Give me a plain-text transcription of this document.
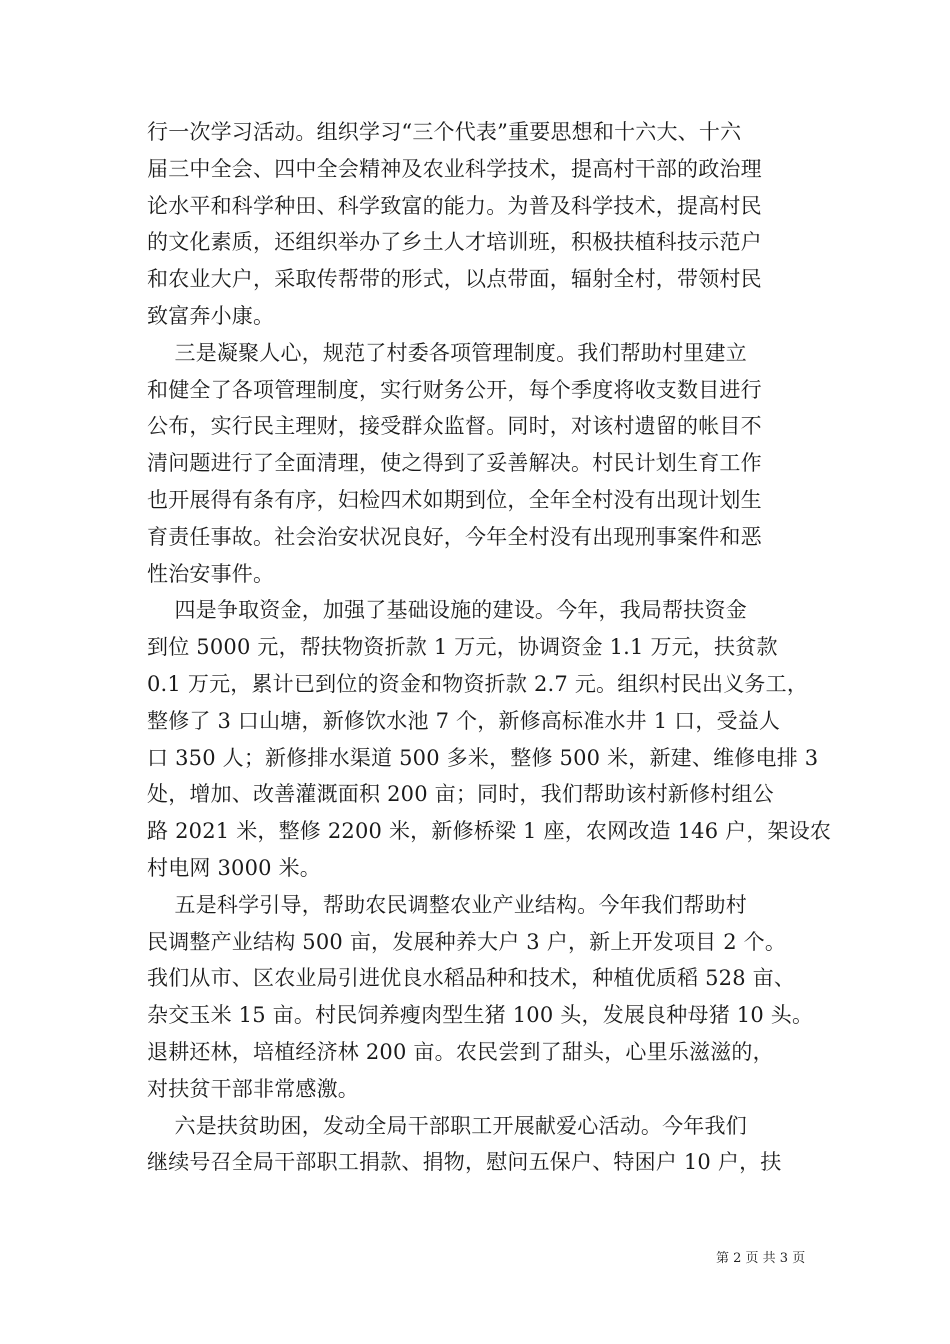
行一次学习活动。组织学习“三个代表”重要思想和十六大、十六
届三中全会、四中全会精神及农业科学技术，提高村干部的政治理
论水平和科学种田、科学致富的能力。为普及科学技术，提高村民
的文化素质，还组织举办了乡土人才培训班，积极扶植科技示范户
和农业大户，采取传帮带的形式，以点带面，辐射全村，带领村民
致富奔小康。
三是凝聚人心，规范了村委各项管理制度。我们帮助村里建立
和健全了各项管理制度，实行财务公开，每个季度将收支数目进行
公布，实行民主理财，接受群众监督。同时，对该村遗留的帐目不
清问题进行了全面清理，使之得到了妥善解决。村民计划生育工作
也开展得有条有序，妇检四术如期到位，全年全村没有出现计划生
育责任事故。社会治安状况良好，今年全村没有出现刑事案件和恶
性治安事件。
四是争取资金，加强了基础设施的建设。今年，我局帮扶资金
到位 5000 元，帮扶物资折款 1 万元，协调资金 1.1 万元，扶贫款
0.1 万元，累计已到位的资金和物资折款 2.7 元。组织村民出义务工，
整修了 3 口山塘，新修饮水池 7 个，新修高标准水井 1 口，受益人
口 350 人；新修排水渠道 500 多米，整修 500 米，新建、维修电排 3
处，增加、改善灌溉面积 200 亩；同时，我们帮助该村新修村组公
路 2021 米，整修 2200 米，新修桥梁 1 座，农网改造 146 户，架设农
村电网 3000 米。
五是科学引导，帮助农民调整农业产业结构。今年我们帮助村
民调整产业结构 500 亩，发展种养大户 3 户，新上开发项目 2 个。
我们从市、区农业局引进优良水稻品种和技术，种植优质稻 528 亩、
杂交玉米 15 亩。村民饲养瘦肉型生猪 100 头，发展良种母猪 10 头。
退耕还林，培植经济林 200 亩。农民尝到了甜头，心里乐滋滋的，
对扶贫干部非常感激。
六是扶贫助困，发动全局干部职工开展献爱心活动。今年我们
继续号召全局干部职工捐款、捐物，慰问五保户、特困户 10 户，扶
第 2 页 共 3 页
